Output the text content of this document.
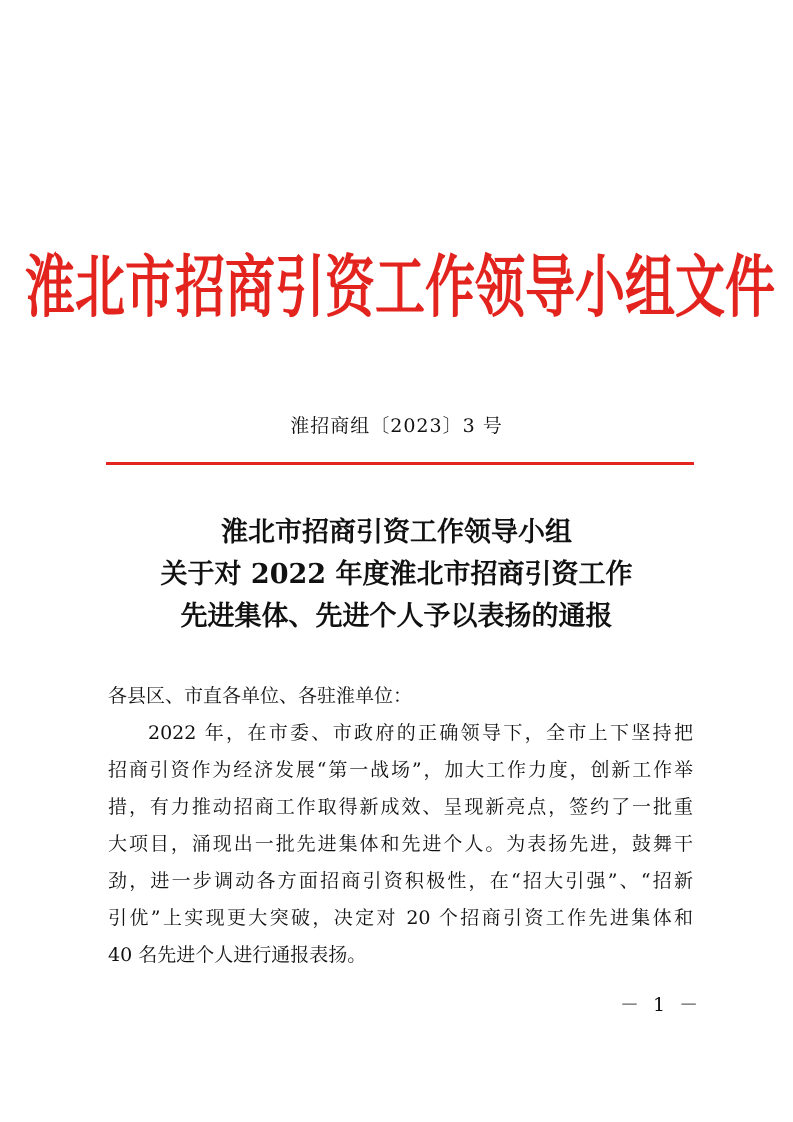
淮北市招商引资工作领导小组文件
淮招商组〔2023〕3 号
淮北市招商引资工作领导小组
关于对 2022 年度淮北市招商引资工作
先进集体、先进个人予以表扬的通报
各县区、市直各单位、各驻淮单位：
2022 年，在市委、市政府的正确领导下，全市上下坚持把
招商引资作为经济发展“第一战场”，加大工作力度，创新工作举
措，有力推动招商工作取得新成效、呈现新亮点，签约了一批重
大项目，涌现出一批先进集体和先进个人。为表扬先进，鼓舞干
劲，进一步调动各方面招商引资积极性，在“招大引强”、“招新
引优”上实现更大突破，决定对 20 个招商引资工作先进集体和
40 名先进个人进行通报表扬。
－ 1 －
